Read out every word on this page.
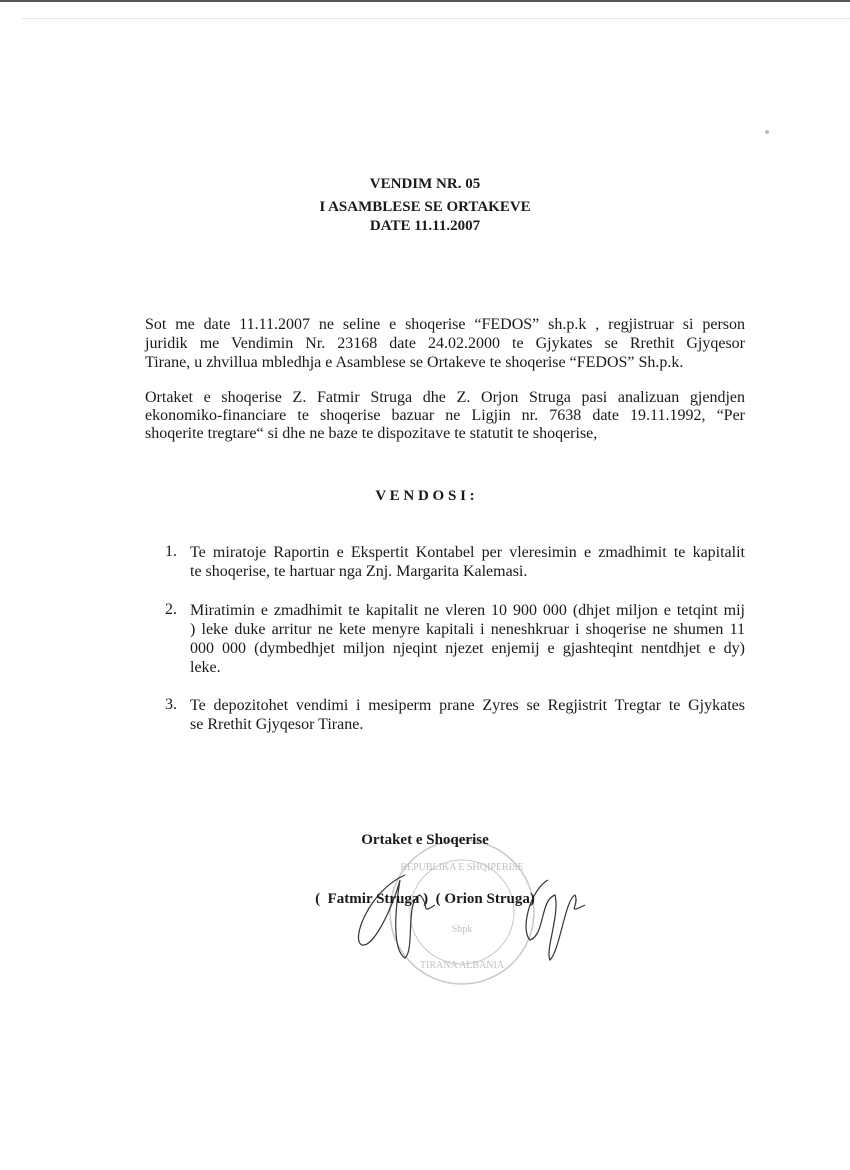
VENDIM NR. 05
I ASAMBLESE SE ORTAKEVE
DATE 11.11.2007
Sot me date 11.11.2007 ne seline e shoqerise “FEDOS” sh.p.k , regjistruar si person
juridik me Vendimin Nr. 23168 date 24.02.2000 te Gjykates se Rrethit Gjyqesor
Tirane, u zhvillua mbledhja e Asamblese se Ortakeve te shoqerise “FEDOS” Sh.p.k.
Ortaket e shoqerise Z. Fatmir Struga dhe Z. Orjon Struga pasi analizuan gjendjen
ekonomiko-financiare te shoqerise bazuar ne Ligjin nr. 7638 date 19.11.1992, “Per
shoqerite tregtare“ si dhe ne baze te dispozitave te statutit te shoqerise,
V E N D O S I :
1. Te miratoje Raportin e Ekspertit Kontabel per vleresimin e zmadhimit te kapitalit
te shoqerise, te hartuar nga Znj. Margarita Kalemasi.
2. Miratimin e zmadhimit te kapitalit ne vleren 10 900 000 (dhjet miljon e tetqint mij
) leke duke arritur ne kete menyre kapitali i neneshkruar i shoqerise ne shumen 11
000 000 (dymbedhjet miljon njeqint njezet enjemij e gjashteqint nentdhjet e dy)
leke.
3. Te depozitohet vendimi i mesiperm prane Zyres se Regjistrit Tregtar te Gjykates
se Rrethit Gjyqesor Tirane.
REPUBLIKA E SHQIPERISE
Shpk
TIRANA ALBANIA
Ortaket e Shoqerise
(  Fatmir Struga )  ( Orion Struga)
